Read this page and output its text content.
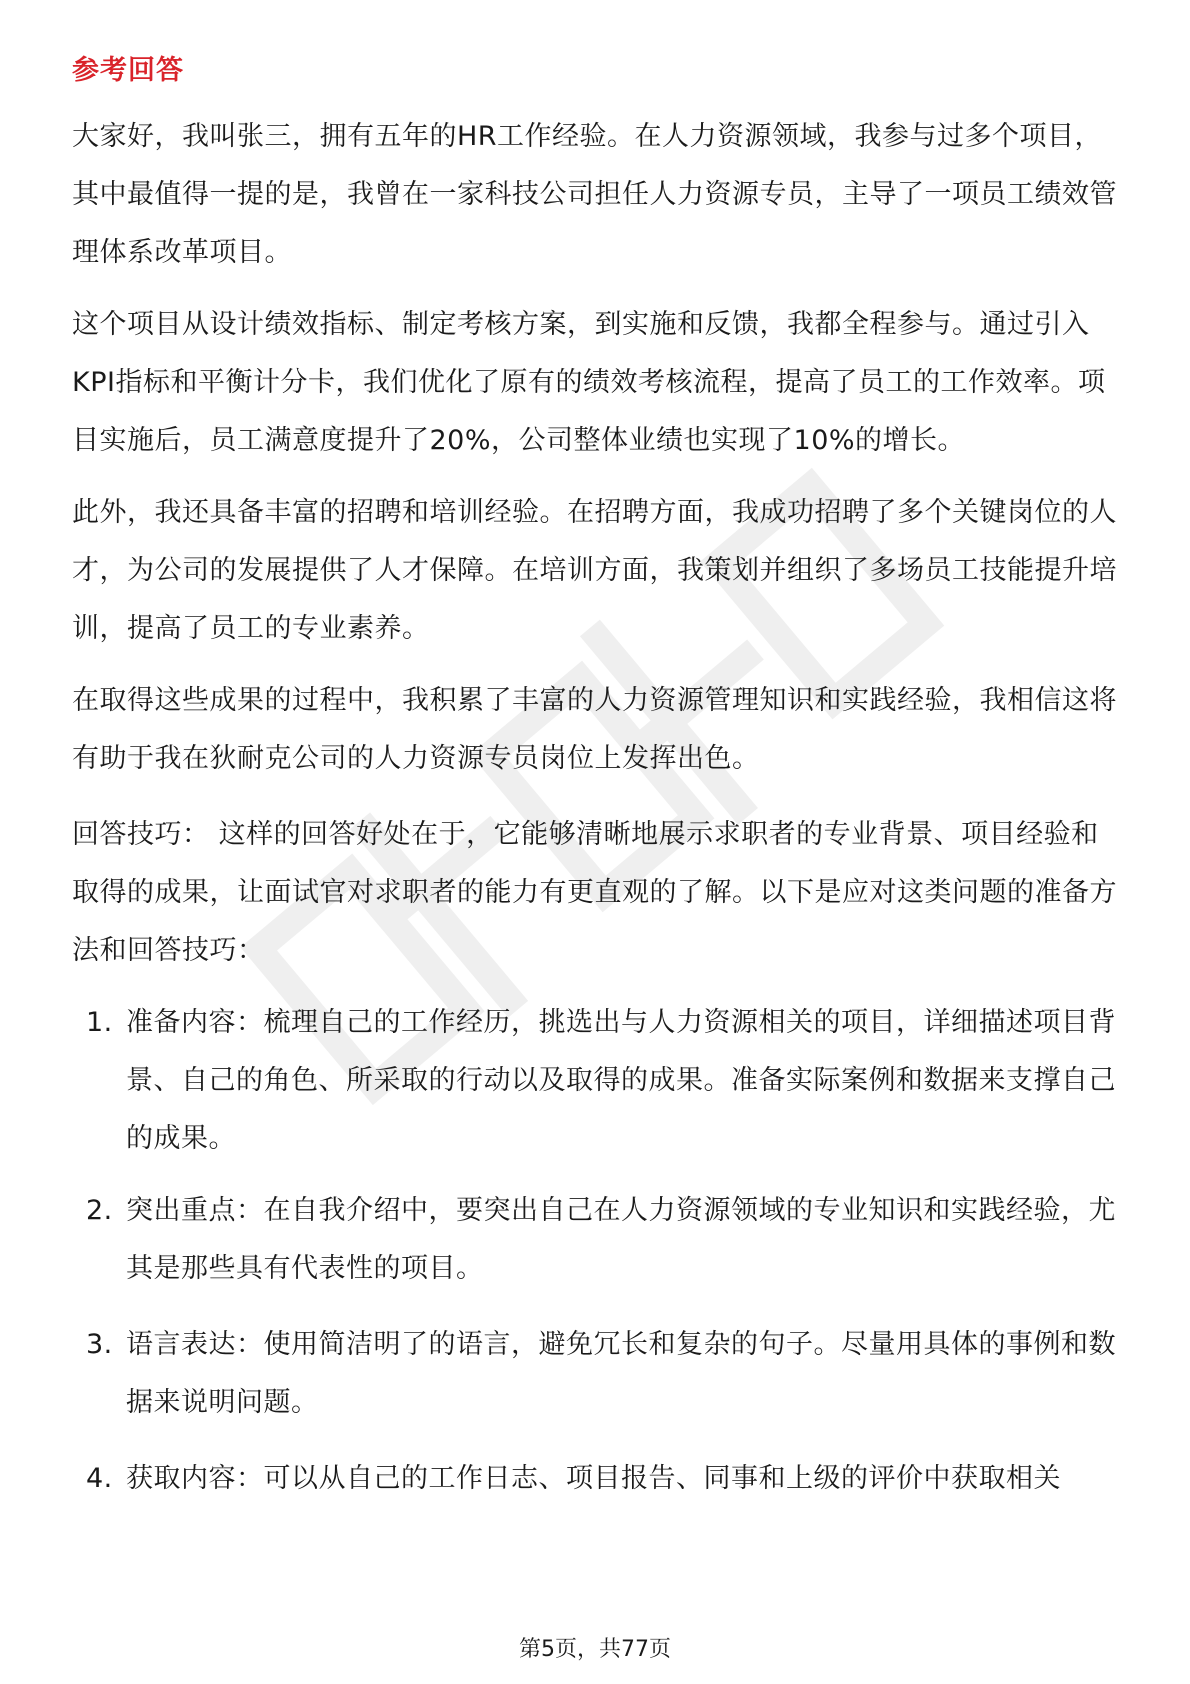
参考回答

大家好，我叫张三，拥有五年的HR工作经验。在人力资源领域，我参与过多个项目，其中最值得一提的是，我曾在一家科技公司担任人力资源专员，主导了一项员工绩效管理体系改革项目。

这个项目从设计绩效指标、制定考核方案，到实施和反馈，我都全程参与。通过引入KPI指标和平衡计分卡，我们优化了原有的绩效考核流程，提高了员工的工作效率。项目实施后，员工满意度提升了20%，公司整体业绩也实现了10%的增长。

此外，我还具备丰富的招聘和培训经验。在招聘方面，我成功招聘了多个关键岗位的人才，为公司的发展提供了人才保障。在培训方面，我策划并组织了多场员工技能提升培训，提高了员工的专业素养。

在取得这些成果的过程中，我积累了丰富的人力资源管理知识和实践经验，我相信这将有助于我在狄耐克公司的人力资源专员岗位上发挥出色。

回答技巧： 这样的回答好处在于，它能够清晰地展示求职者的专业背景、项目经验和取得的成果，让面试官对求职者的能力有更直观的了解。以下是应对这类问题的准备方法和回答技巧：

1. 准备内容：梳理自己的工作经历，挑选出与人力资源相关的项目，详细描述项目背景、自己的角色、所采取的行动以及取得的成果。准备实际案例和数据来支撑自己的成果。
2. 突出重点：在自我介绍中，要突出自己在人力资源领域的专业知识和实践经验，尤其是那些具有代表性的项目。
3. 语言表达：使用简洁明了的语言，避免冗长和复杂的句子。尽量用具体的事例和数据来说明问题。
4. 获取内容：可以从自己的工作日志、项目报告、同事和上级的评价中获取相关
第5页，共77页
